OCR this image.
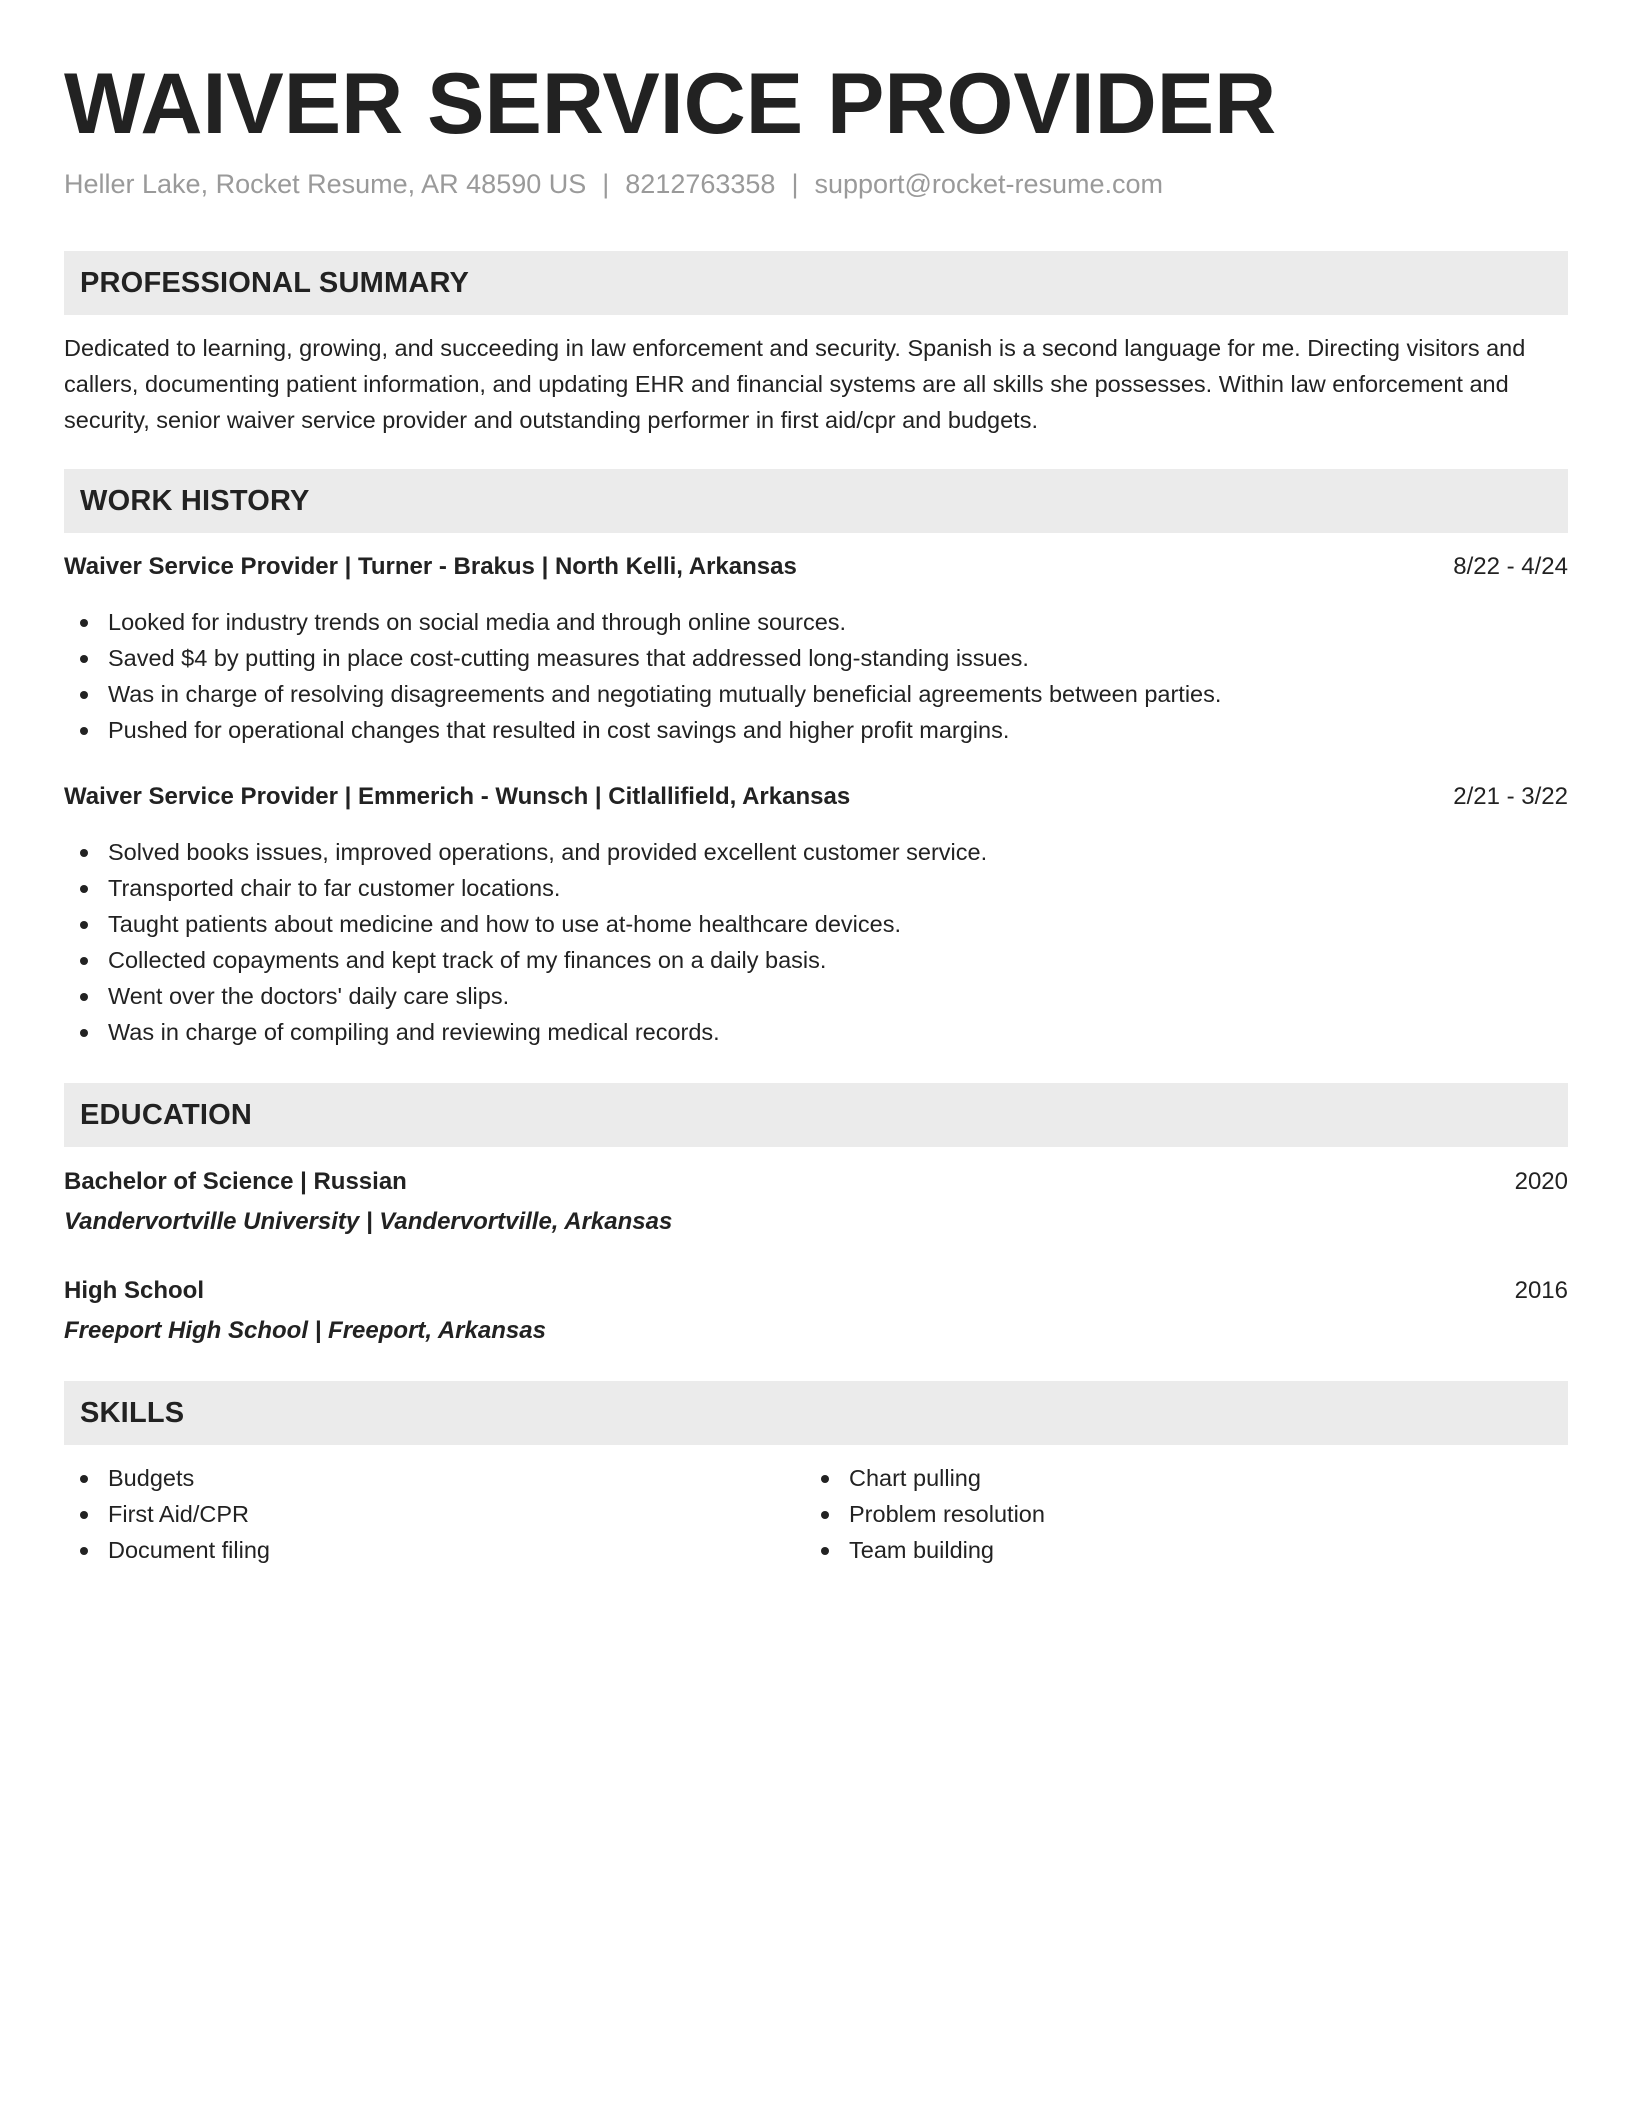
WAIVER SERVICE PROVIDER
Heller Lake, Rocket Resume, AR 48590 US | 8212763358 | support@rocket-resume.com
PROFESSIONAL SUMMARY

Dedicated to learning, growing, and succeeding in law enforcement and security. Spanish is a second language for me. Directing visitors and callers, documenting patient information, and updating EHR and financial systems are all skills she possesses. Within law enforcement and security, senior waiver service provider and outstanding performer in first aid/cpr and budgets.

WORK HISTORY
Waiver Service Provider | Turner - Brakus | North Kelli, Arkansas	8/22 - 4/24
Looked for industry trends on social media and through online sources.
Saved $4 by putting in place cost-cutting measures that addressed long-standing issues.
Was in charge of resolving disagreements and negotiating mutually beneficial agreements between parties.
Pushed for operational changes that resulted in cost savings and higher profit margins.
Waiver Service Provider | Emmerich - Wunsch | Citlallifield, Arkansas	2/21 - 3/22
Solved books issues, improved operations, and provided excellent customer service.
Transported chair to far customer locations.
Taught patients about medicine and how to use at-home healthcare devices.
Collected copayments and kept track of my finances on a daily basis.
Went over the doctors' daily care slips.
Was in charge of compiling and reviewing medical records.
EDUCATION
Bachelor of Science | Russian	2020
Vandervortville University | Vandervortville, Arkansas
High School	2016
Freeport High School | Freeport, Arkansas
SKILLS
Budgets
First Aid/CPR
Document filing
Chart pulling
Problem resolution
Team building
